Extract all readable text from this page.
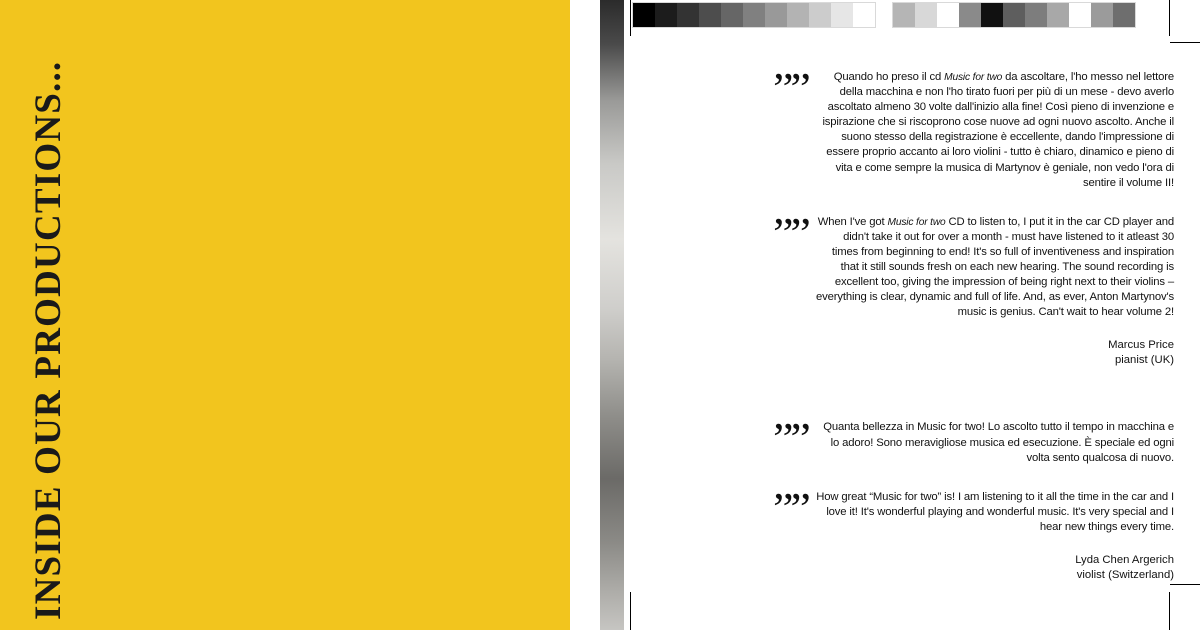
INSIDE OUR PRODUCTIONS...	””	Quando ho preso il cd Music for two da ascoltare, l'ho messo nel lettore della macchina e non l'ho tirato fuori per più di un mese - devo averlo ascoltato almeno 30 volte dall'inizio alla fine! Così pieno di invenzione e ispirazione che si riscoprono cose nuove ad ogni nuovo ascolto. Anche il suono stesso della registrazione è eccellente, dando l'impressione di essere proprio accanto ai loro violini - tutto è chiaro, dinamico e pieno di vita e come sempre la musica di Martynov è geniale, non vedo l'ora di sentire il volume II!
”” When I've got Music for two CD to listen to, I put it in the car CD player and didn't take it out for over a month - must have listened to it atleast 30 times from beginning to end! It's so full of inventiveness and inspiration that it still sounds fresh on each new hearing. The sound recording is excellent too, giving the impression of being right next to their violins – everything is clear, dynamic and full of life. And, as ever, Anton Martynov's music is genius. Can't wait to hear volume 2!
Marcus Price
pianist (UK)
””	Quanta bellezza in Music for two! Lo ascolto tutto il tempo in macchina e lo adoro! Sono meravigliose musica ed esecuzione. È speciale ed ogni volta sento qualcosa di nuovo.
”” How great “Music for two” is! I am listening to it all the time in the car and I love it! It's wonderful playing and wonderful music. It's very special and I hear new things every time.
Lyda Chen Argerich
violist (Switzerland)
